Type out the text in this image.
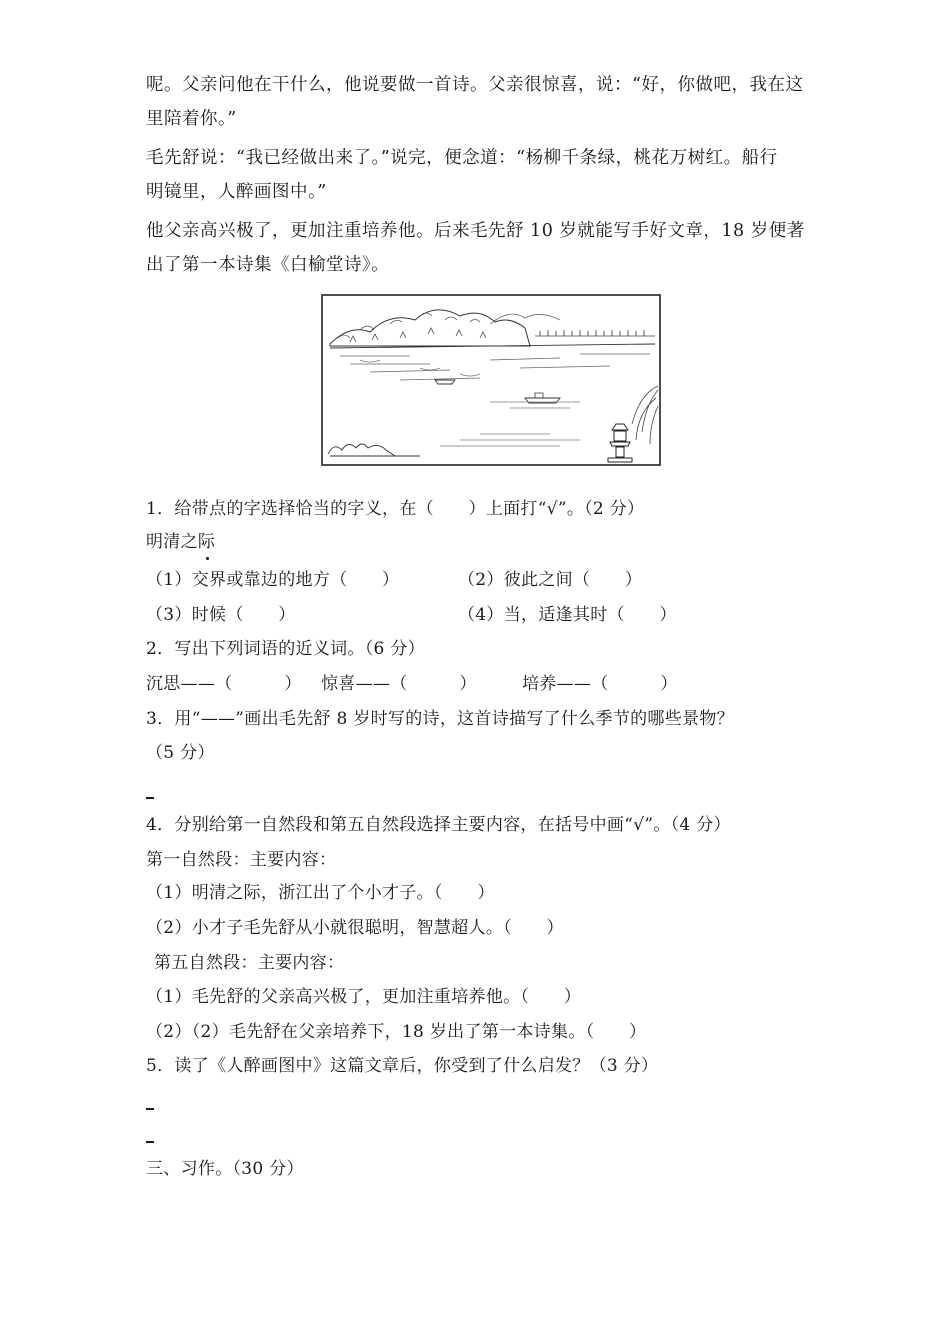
呢。父亲问他在干什么，他说要做一首诗。父亲很惊喜，说：“好，你做吧，我在这
里陪着你。”
毛先舒说：“我已经做出来了。”说完，便念道：“杨柳千条绿，桃花万树红。船行
明镜里，人醉画图中。”
他父亲高兴极了，更加注重培养他。后来毛先舒 10 岁就能写手好文章，18 岁便著
出了第一本诗集《白榆堂诗》。
1．给带点的字选择恰当的字义，在（　　）上面打“√”。（2 分）
明清之际
（1）交界或靠边的地方（　　）	（2）彼此之间（　　）
（3）时候（　　）	（4）当，适逢其时（　　）
2．写出下列词语的近义词。（6 分）
沉思——（　　　） 惊喜——（　　　）	培养——（　　　）
3．用“——”画出毛先舒 8 岁时写的诗，这首诗描写了什么季节的哪些景物？
（5 分）
4．分别给第一自然段和第五自然段选择主要内容，在括号中画“√”。（4 分）
第一自然段：主要内容：
（1）明清之际，浙江出了个小才子。（　　）
（2）小才子毛先舒从小就很聪明，智慧超人。（　　）
第五自然段：主要内容：
（1）毛先舒的父亲高兴极了，更加注重培养他。（　　）
（2）（2）毛先舒在父亲培养下，18 岁出了第一本诗集。（　　）
5．读了《人醉画图中》这篇文章后，你受到了什么启发？（3 分）
三、习作。（30 分）
